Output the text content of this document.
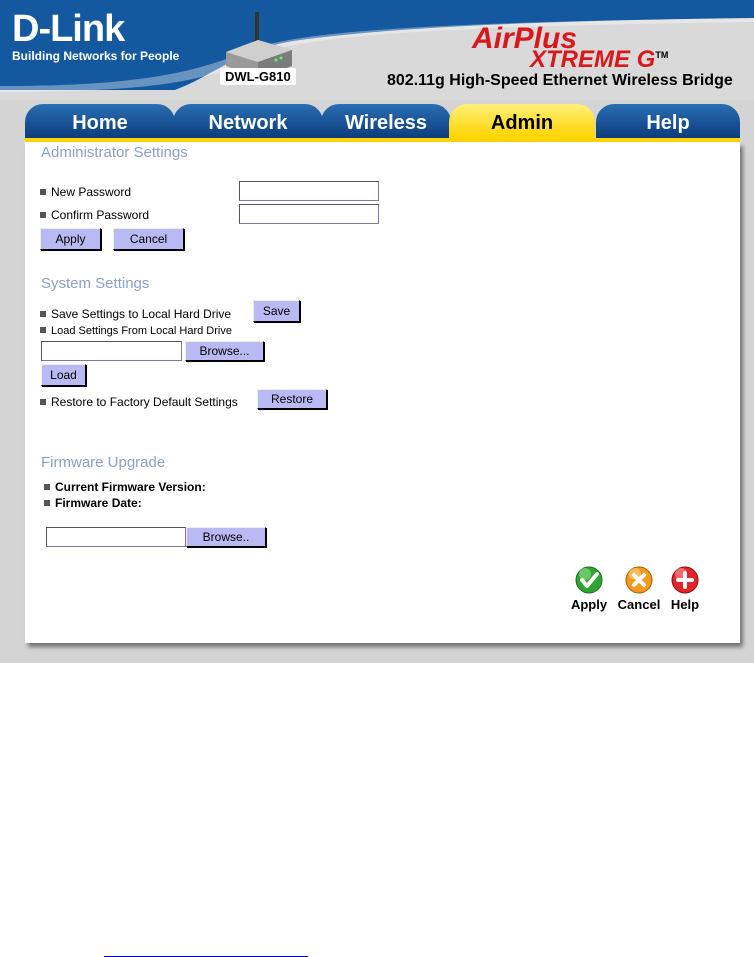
D-Link
Building Networks for People
DWL-G810
AirPlus
XTREME G™
802.11g High-Speed Ethernet Wireless Bridge
Home	Network	Wireless	Help
Admin
Administrator Settings
New Password
Confirm Password
Apply	Cancel
System Settings
Save Settings to Local Hard Drive	Save
Load Settings From Local Hard Drive
Browse...
Load
Restore to Factory Default Settings	Restore
Firmware Upgrade
Current Firmware Version:
Firmware Date:
Browse..
Apply Cancel Help
